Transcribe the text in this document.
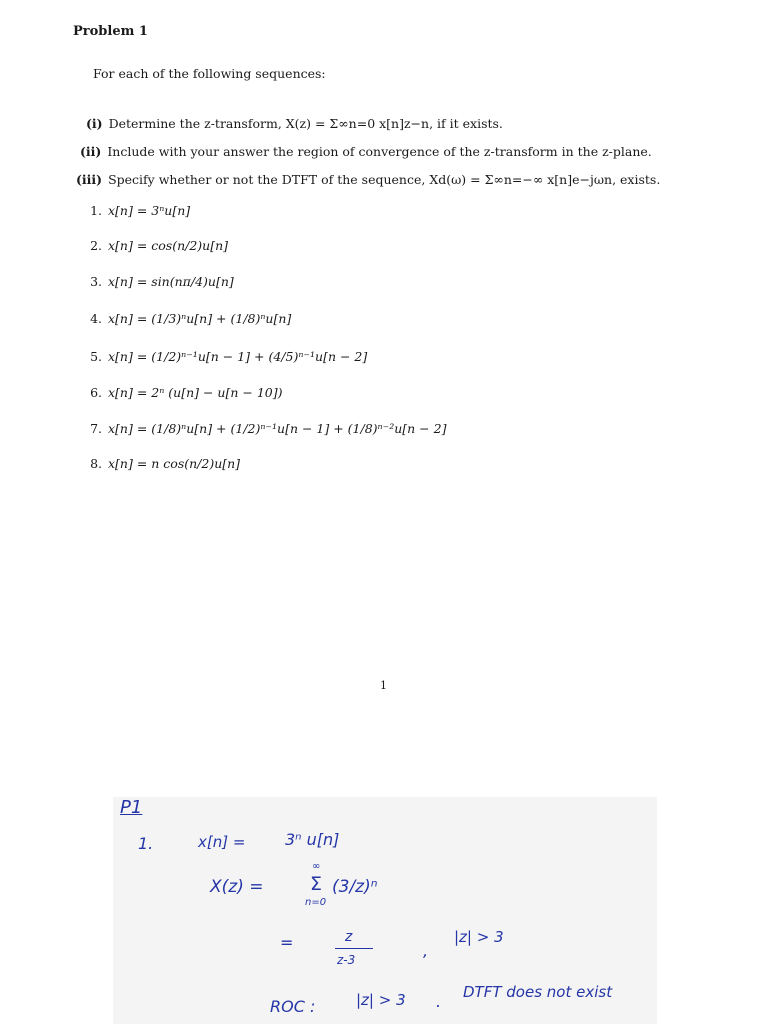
Problem 1
For each of the following sequences:
(i) Determine the z-transform, X(z) = Σ∞n=0 x[n]z−n, if it exists.
(ii) Include with your answer the region of convergence of the z-transform in the z-plane.
(iii) Specify whether or not the DTFT of the sequence, Xd(ω) = Σ∞n=−∞ x[n]e−jωn, exists.
1. x[n] = 3ⁿu[n]
2. x[n] = cos(n/2)u[n]
3. x[n] = sin(nπ/4)u[n]
4. x[n] = (1/3)ⁿu[n] + (1/8)ⁿu[n]
5. x[n] = (1/2)ⁿ⁻¹u[n − 1] + (4/5)ⁿ⁻¹u[n − 2]
6. x[n] = 2ⁿ (u[n] − u[n − 10])
7. x[n] = (1/8)ⁿu[n] + (1/2)ⁿ⁻¹u[n − 1] + (1/8)ⁿ⁻²u[n − 2]
8. x[n] = n cos(n/2)u[n]
1
P1
1.	x[n] = 3ⁿ u[n]
X(z) =
∞
Σ
n=0
(3/z)ⁿ
=	z
z-3	,
|z| > 3
ROC :	|z| > 3 . DTFT does not exist
